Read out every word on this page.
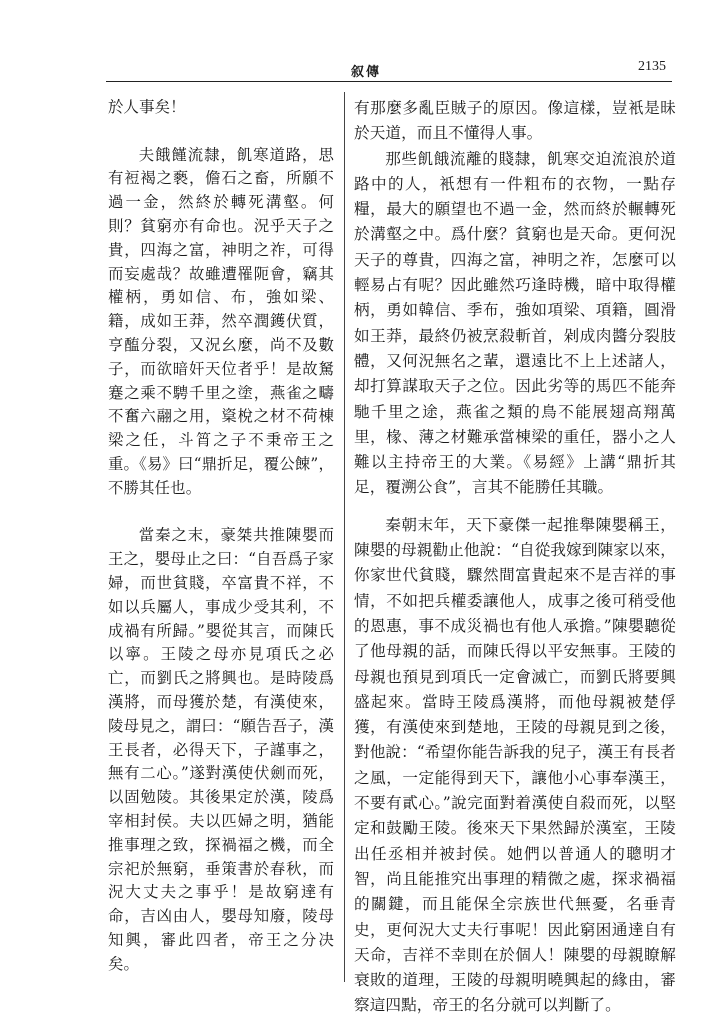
叙傳	2135

於人事矣！

夫餓饉流隸，飢寒道路，思有裋褐之褻，儋石之畜，所願不過一金，然終於轉死溝壑。何則？貧窮亦有命也。況乎天子之貴，四海之富，神明之祚，可得而妄處哉？故雖遭罹阨會，竊其權柄，勇如信、布，強如梁、籍，成如王莽，然卒潤鑊伏質，亨醢分裂，又況幺麼，尚不及數子，而欲暗奸天位者乎！是故駑蹇之乘不騁千里之塗，燕雀之疇不奮六翮之用，楶梲之材不荷棟梁之任，斗筲之子不秉帝王之重。《易》曰“鼎折足，覆公餗”，不勝其任也。

當秦之末，豪桀共推陳嬰而王之，嬰母止之曰：“自吾爲子家婦，而世貧賤，卒富貴不祥，不如以兵屬人，事成少受其利，不成禍有所歸。”嬰從其言，而陳氏以寧。王陵之母亦見項氏之必亡，而劉氏之將興也。是時陵爲漢將，而母獲於楚，有漢使來，陵母見之，謂曰：“願告吾子，漢王長者，必得天下，子謹事之，無有二心。”遂對漢使伏劍而死，以固勉陵。其後果定於漢，陵爲宰相封侯。夫以匹婦之明，猶能推事理之致，探禍福之機，而全宗祀於無窮，垂策書於春秋，而況大丈夫之事乎！是故窮達有命，吉凶由人，嬰母知廢，陵母知興，審此四者，帝王之分决矣。

有那麼多亂臣賊子的原因。像這樣，豈衹是昧於天道，而且不懂得人事。

那些飢餓流離的賤隸，飢寒交迫流浪於道路中的人，衹想有一件粗布的衣物，一點存糧，最大的願望也不過一金，然而終於輾轉死於溝壑之中。爲什麼？貧窮也是天命。更何況天子的尊貴，四海之富，神明之祚，怎麼可以輕易占有呢？因此雖然巧逢時機，暗中取得權柄，勇如韓信、季布，強如項梁、項籍，圓滑如王莽，最終仍被烹殺斬首，剁成肉醬分裂肢體，又何況無名之輩，還遠比不上上述諸人，却打算謀取天子之位。因此劣等的馬匹不能奔馳千里之途，燕雀之類的鳥不能展翅高翔萬里，椽、薄之材難承當棟梁的重任，器小之人難以主持帝王的大業。《易經》上講“鼎折其足，覆溯公食”，言其不能勝任其職。

秦朝末年，天下豪傑一起推舉陳嬰稱王，陳嬰的母親勸止他說：“自從我嫁到陳家以來，你家世代貧賤，驟然間富貴起來不是吉祥的事情，不如把兵權委讓他人，成事之後可稍受他的恩惠，事不成災禍也有他人承擔。”陳嬰聽從了他母親的話，而陳氏得以平安無事。王陵的母親也預見到項氏一定會滅亡，而劉氏將要興盛起來。當時王陵爲漢將，而他母親被楚俘獲，有漢使來到楚地，王陵的母親見到之後，對他說：“希望你能告訴我的兒子，漢王有長者之風，一定能得到天下，讓他小心事奉漢王，不要有貳心。”說完面對着漢使自殺而死，以堅定和鼓勵王陵。後來天下果然歸於漢室，王陵出任丞相并被封侯。她們以普通人的聰明才智，尚且能推究出事理的精微之處，探求禍福的關鍵，而且能保全宗族世代無憂，名垂青史，更何況大丈夫行事呢！因此窮困通達自有天命，吉祥不幸則在於個人！陳嬰的母親瞭解衰敗的道理，王陵的母親明曉興起的緣由，審察這四點，帝王的名分就可以判斷了。
